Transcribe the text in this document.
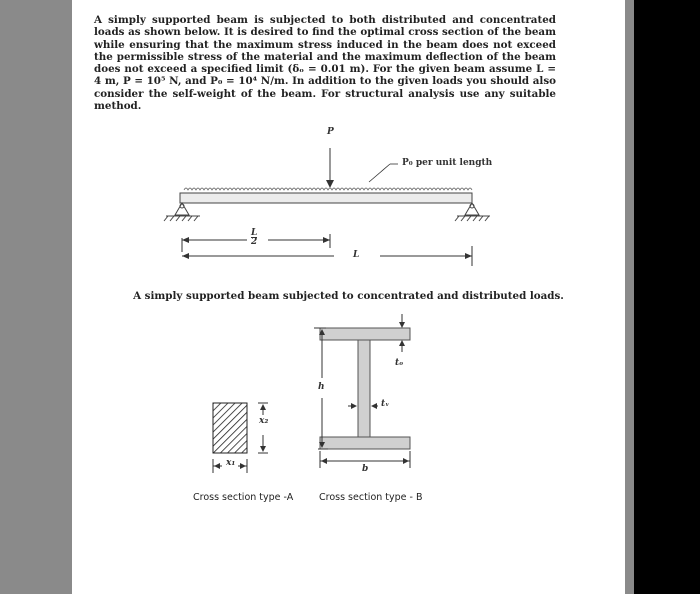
A simply supported beam is subjected to both distributed and concentrated loads as shown below. It is desired to find the optimal cross section of the beam while ensuring that the maximum stress induced in the beam does not exceed the permissible stress of the material and the maximum deflection of the beam does not exceed a specified limit (δₒ = 0.01 m). For the given beam assume L = 4 m, P = 10⁵ N, and P₀ = 10⁴ N/m. In addition to the given loads you should also consider the self-weight of the beam. For structural analysis use any suitable method.

P
P₀ per unit length
$\frac{L}{2}$
L

A simply supported beam subjected to concentrated and distributed loads.

x₂
x₁
Cross section type -A
h
tₒ
tᵥ
b
Cross section type - B
